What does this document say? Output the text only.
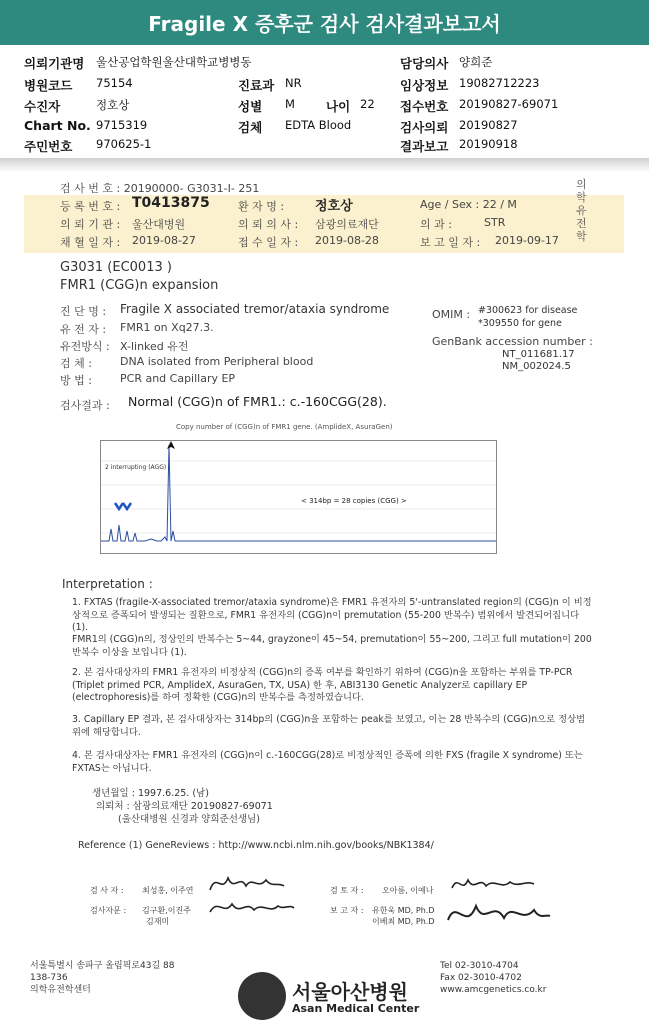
Fragile X 증후군 검사 검사결과보고서
의뢰기관명 울산공업학원울산대학교병병동	담당의사 양희준
병원코드 75154	진료과 NR	임상정보 19082712223
수진자	정호상	성별 M 나이 22 접수번호 20190827-69071
Chart No. 9715319	검체 EDTA Blood	검사의뢰 20190827
주민번호 970625-1	결과보고 20190918
검 사 번 호 : 20190000- G3031-I- 251	의학유전학
등 록 번 호 : T0413875	환 자 명 : 정호상	Age / Sex : 22 / M
의 뢰 기 관 : 울산대병원	의 뢰 의 사 : 삼광의료재단	의 과 :	STR
채 혈 일 자 : 2019-08-27	접 수 일 자 : 2019-08-28	보 고 일 자 : 2019-09-17
G3031 (EC0013 )
FMR1 (CGG)n expansion
진 단 명 : Fragile X associated tremor/ataxia syndrome
유 전 자 : FMR1 on Xq27.3.
유전방식 : X-linked 유전
검 체 :	DNA isolated from Peripheral blood
방 법 :	PCR and Capillary EP
OMIM : #300623 for disease
*309550 for gene
GenBank accession number :
NT_011681.17
NM_002024.5
검사결과 : Normal (CGG)n of FMR1.: c.-160CGG(28).
Copy number of (CGG)n of FMR1 gene. (AmplideX, AsuraGen)
2 interrupting (AGG)
< 314bp = 28 copies (CGG) >
Interpretation :
1. FXTAS (fragile-X-associated tremor/ataxia syndrome)은 FMR1 유전자의 5'-untranslated region의 (CGG)n 이 비정상적으로 증폭되어 발생되는 질환으로, FMR1 유전자의 (CGG)n이 premutation (55-200 반복수) 범위에서 발견되어집니다 (1).
FMR1의 (CGG)n의, 정상인의 반복수는 5~44, grayzone이 45~54, premutation이 55~200, 그리고 full mutation이 200반복수 이상을 보입니다 (1).
2. 본 검사대상자의 FMR1 유전자의 비정상적 (CGG)n의 증폭 여부를 확인하기 위하여 (CGG)n을 포함하는 부위를 TP-PCR (Triplet primed PCR, AmplideX, AsuraGen, TX, USA) 한 후, ABI3130 Genetic Analyzer로 capillary EP (electrophoresis)를 하여 정확한 (CGG)n의 반복수를 측정하였습니다.
3. Capillary EP 결과, 본 검사대상자는 314bp의 (CGG)n을 포함하는 peak를 보였고, 이는 28 반복수의 (CGG)n으로 정상범위에 해당합니다.
4. 본 검사대상자는 FMR1 유전자의 (CGG)n이 c.-160CGG(28)로 비정상적인 증폭에 의한 FXS (fragile X syndrome) 또는 FXTAS는 아닙니다.
생년월일 : 1997.6.25. (남)
의뢰처 : 삼광의료재단 20190827-69071
(울산대병원 신경과 양희준선생님)
Reference (1) GeneReviews : http://www.ncbi.nlm.nih.gov/books/NBK1384/
검 사 자 : 최성홍, 이주연	검 토 자 : 오아름, 이예나
검사자문 : 김구환,이진주
김재미
보 고 자 : 유한욱 MD, Ph.D
이베최 MD, Ph.D
서울특별시 송파구 올림픽로43길 88
138-736
의학유전학센터	서울아산병원
Asan Medical Center
Tel 02-3010-4704
Fax 02-3010-4702
www.amcgenetics.co.kr
